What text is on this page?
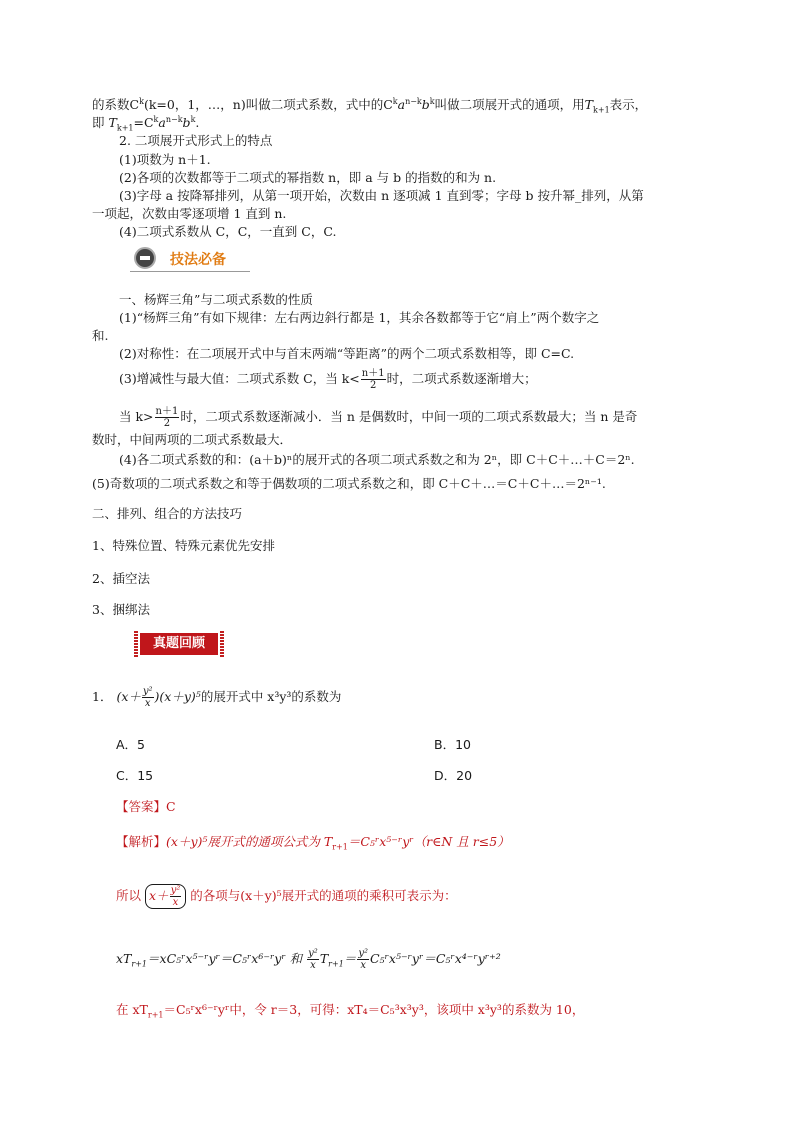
的系数$C^k(k=0$，1，…，n)叫做二项式系数，式中的$C^ka^{n-k}b^k$叫做二项展开式的通项，用$T_{k+1}$表示，
即 $T_{k+1}=C^ka^{n-k}b^k$.
2. 二项展开式形式上的特点
(1)项数为 n＋1.
(2)各项的次数都等于二项式的幂指数 n，即 a 与 b 的指数的和为 n.
(3)字母 a 按降幂排列，从第一项开始，次数由 n 逐项减 1 直到零；字母 b 按升幂_排列，从第
一项起，次数由零逐项增 1 直到 n.
(4)二项式系数从 C，C，一直到 C，C.
技法必备
一、杨辉三角”与二项式系数的性质
(1)“杨辉三角”有如下规律：左右两边斜行都是 1，其余各数都等于它“肩上”两个数字之
和.
(2)对称性：在二项展开式中与首末两端“等距离”的两个二项式系数相等，即 C=C.
(3)增减性与最大值：二项式系数 C，当 $k< \frac{n+1}{2}$ 时，二项式系数逐渐增大；
当 $k> \frac{n+1}{2}$ 时，二项式系数逐渐减小．当 n 是偶数时，中间一项的二项式系数最大；当 n 是奇
数时，中间两项的二项式系数最大．
(4)各二项式系数的和：(a＋b)ⁿ的展开式的各项二项式系数之和为 2ⁿ，即 C＋C＋…＋C＝2ⁿ.
(5)奇数项的二项式系数之和等于偶数项的二项式系数之和，即 C＋C＋…＝C＋C＋…＝2ⁿ⁻¹.
二、排列、组合的方法技巧
1、特殊位置、特殊元素优先安排
2、插空法
3、捆绑法
真题回顾
1． $(x+ \frac{\text{y²}}{x} )(x+y)^5$的展开式中 x³y³的系数为
A．5	B．10
C．15	D．20
【答案】C
【解析】(x＋y)⁵展开式的通项公式为 $T_{r+1}=C_5ʳx^{5-}ʳyʳ(r\in N$ 且 r≤5）
所以 $x+ \frac{\text{y²}}{x}$ 的各项与(x＋y)⁵展开式的通项的乘积可表示为：
$xT_{r+1}=xC_5ʳx^{5-}ʳyʳ=C_5ʳx^{6-}ʳyʳ$ 和 $\frac{\text{y²}}{x} T_{r+1}= \frac{\text{y²}}{x}$ C₅ʳx⁵⁻ʳyʳ＝C₅ʳx⁴⁻ʳyʳ⁺²
在 $xT_{r+1}=C_5ʳx^{6-}ʳyʳ$中，令 r＝3，可得：xT₄＝C₅³x³y³，该项中 x³y³的系数为 10，
